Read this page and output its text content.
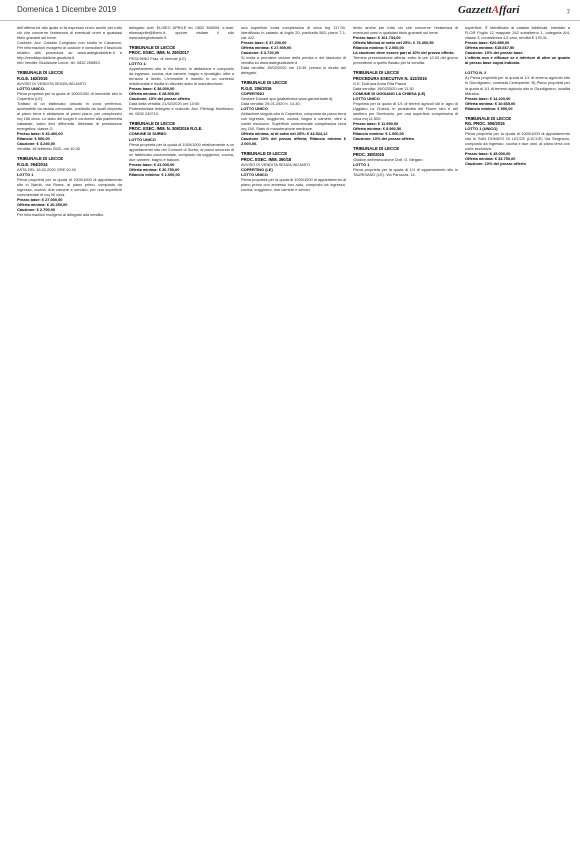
Domenica 1 Dicembre 2019	GazzettAffari	7

dell'offerta ed alla quale si fa espresso rinvio anche per tutto ciò che concerne l'esistenza di eventuali oneri a qualsiasi titolo gravanti sul bene.

Custode: Avv. Cataldo Corigliano con studio in Casarano. Per informazioni rivolgersi al custode e consultare il fascicolo relativo alla procedura su www.astegiudiziarie.it e http://venditepubbliche.giustizia.it.

Info Vendite Giudiziarie Lecce, tel. 0832 255553.

TRIBUNALE DI LECCE
R.G.E. 162/2015

AVVISO DI VENDITA SENZA INCANTO

LOTTO UNICO.

Piena proprietà per la quota di 1000/1000 di immobile sito in Copertino (LE).

Trattasi di un fabbricato ubicato in zona periferica, accessibile da strada comunale, costituito da locali deposito al piano terra e abitazione al primo piano, per complessivi mq 156 circa. Lo stato dei luoghi è conforme alla planimetria catastale, salvo lievi difformità. Attestato di prestazione energetica: classe G.

Prezso base: € 32.400,00

Rilancio: € 500,00

Cauzione: € 3.240,00

Vendita: 18 febbraio 2020, ore 10.30

TRIBUNALE DI LECCE
R.G.E. 394/2014

ASTA DEL 16.02.2020 ORE 00.00

LOTTO 1

Piena proprietà per la quota di 1000/1000 di appartamento sito in Nardò, via Roma, al piano primo, composto da ingresso, cucina, due camere e servizio, per una superficie commerciale di mq 90 circa.

Prezzo base: € 27.000,00

Offerta minima: € 20.250,00

Cauzione: € 2.700,00

Per informazioni rivolgersi al delegato alla vendita.

delegato: dott. ELISEO APRILE tel. 0832 308094, e-mail: eliseoaprile@libero.it, oppure visitare il sito www.astegiudiziarie.it.

TRIBUNALE DI LECCE
PROC. ESEC. IMM. N. 290/2017

PESCHINO Fraz. di Vernole (LE)

LOTTO 1:

Appartamento sito in Via Neroni, in abitazione e composto da ingresso, cucina, due camere, bagno e ripostiglio, oltre a terrazzo a livello. L'immobile è inserito in un contesto residenziale e risulta in discreto stato di manutenzione.

Prezzo base: € 38.000,00

Offerta minima: € 28.500,00

Cauzione: 10% del prezzo offerto

Data della vendita: 21/02/2020 ore 10:00

Professionista delegato e custode: Avv. Pierluigi Montinaro, tel. 0832 245710.

TRIBUNALE DI LECCE
PROC. ESEC. IMM. N. 308/2016 R.G.E.

COMUNE DI SURBO

LOTTO UNICO

Piena proprietà per la quota di 1000/1000 relativamente a un appartamento sito nel Comune di Surbo, al piano secondo di un fabbricato condominiale, composto da soggiorno, cucina, due camere, bagno e balconi.

Prezzo base: € 41.000,00

Offerta minima: € 30.750,00

Rilancio minimo: € 1.000,00

una superficie lorda complessiva di circa mq 117,00. Identificato in catasto al foglio 20, particella 583, piano T-1, cat. A/2.

Prezzo base: € 37.200,00

Offerta minima: € 27.900,00

Cauzione: € 3.720,00

Si invita a prendere visione della perizia e del fascicolo di vendita su www.astegiudiziarie.it.

Data vendita: 19/02/2020 ore 15:30, presso lo studio del delegato.

TRIBUNALE DI LECCE
R.G.E. 306/2016

COPERTINO

Gestore Dunast spa (piattaforma www.garavirtuale.it)

Data vendita: 29.01.2020 h. 14.30.

LOTTO UNICO

Abitazione singola sita in Copertino, composta da piano terra con ingresso, soggiorno, cucina, bagno e camere, oltre a cortile esclusivo. Superficie commerciale complessiva circa mq 150. Stato di manutenzione mediocre.

Offerta minima, al di sotto del 25%: € 44.524,12

Cauzione 10% del prezzo offerto; Rilancio minimo € 2.000,00.

TRIBUNALE DI LECCE
PROC. ESEC. IMM. 390/18

AVVISO DI VENDITA SENZA INCANTO

COPERTINO (LE)

LOTTO UNICO

Piena proprietà per la quota di 1000/1000 di appartamento al piano primo con annesso box auto, composto da ingresso, cucina, soggiorno, due camere e servizi.

rinvio anche per tutto ciò che concerne l'esistenza di eventuali oneri a qualsiasi titolo gravanti sul bene.

Prezzo base: € 101.734,00

Offerta Minima al netto del 25%: € 76.300,50

Rilancio minimo: € 2.000,00

La cauzione deve essere pari al 10% del prezzo offerto.

Termine presentazione offerta: entro le ore 12.00 del giorno precedente a quello fissato per la vendita.

TRIBUNALE DI LECCE
PROCEDURA ESECUTIVA N. 412/2015

G.E. Dott.ssa Anna Rita Pasca

Data vendita: 19/02/2020 ore 11.30

COMUNE DI UGGIANO LA CHIESA (LE)

LOTTO UNICO

Proprietà per la quota di 1/1 di terreni agricoli siti in agro di Uggiano La Chiesa, in prossimità del Fiume Idro e del sentiero per Seminario, per una superficie complessiva di circa mq 11.500.

Prezzo base: € 11.990,00

Offerta minima: € 8.992,50

Rilancio minimo: € 1.000,00

Cauzione: 10% del prezzo offerto

TRIBUNALE DI LECCE
PROC. 380/2015

Giudice dell'esecuzione Dott. G. Megaro

LOTTO 1

Piena proprietà per la quota di 1/1 di appartamento sito in TAURISANO (LE), Via Parrozza, 14.

superficie. È identificato al catasto fabbricati, intestato a FLOR Foglio 12 mappale 342 subalterno 1, categoria A/4, classe 3, consistenza 4,5 vani, rendita € 178,31.

Prezzo base: €20.890,00

Offerta minima: €15.667,50

Cauzione: 10% del prezzo base.

L'offerta non è efficace se è inferiore di oltre un quarto al prezzo base sopra indicato.

LOTTO N. 2

A) Piena proprietà per la quota di 1/1 di terreno agricolo sito in Giurdignano, contrada Centopietre; B) Piena proprietà per la quota di 1/1 di terreno agricolo sito in Giurdignano, località Marsica.

Prezzo base: € 14.220,00

Offerta minima: € 10.665,00

Rilancio minimo: € 500,00

TRIBUNALE DI LECCE
RG. PROC. 506/2015

LOTTO 1 (UNICO)

Piena proprietà per la quota di 1000/1000 di appartamento sito in SAN DONATO DI LECCE (LECCE) Via Sergnano, composto da ingresso, cucina e due vani, al piano terra con corte esclusiva.

Prezzo base: € 45.000,00

Offerta minima: € 33.750,00

Cauzione: 10% del prezzo offerto
